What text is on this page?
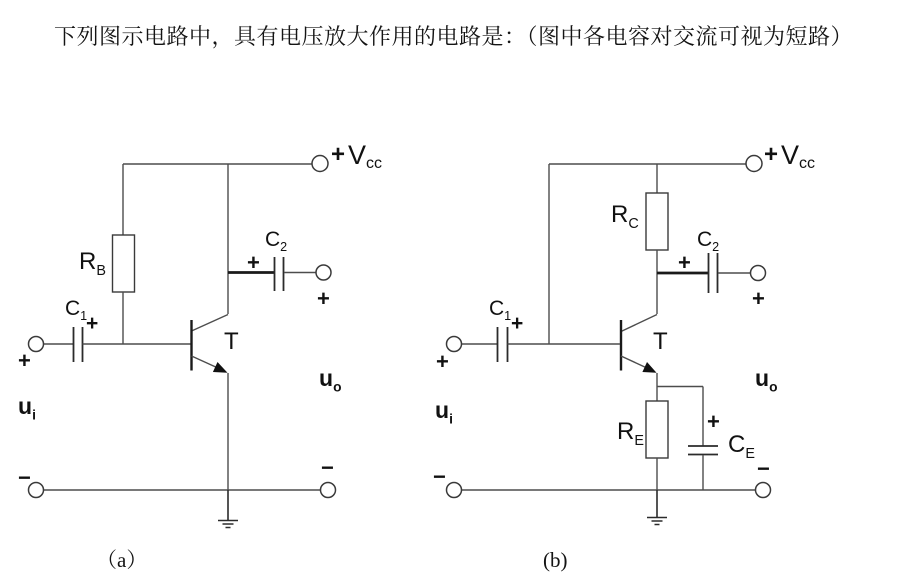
下列图示电路中，具有电压放大作用的电路是：（图中各电容对交流可视为短路）
+ $V_{cc}$
$R_B$
$C_1$
+
$C_2$
+
+
−
+
−
$u_i$
$u_o$
T
（a）
+ $V_{cc}$
$R_C$
$R_E$
$C_1$ +
$C_2$
+
+
$C_E$
+
−
+
−
$u_i$
$u_o$
T
(b)
